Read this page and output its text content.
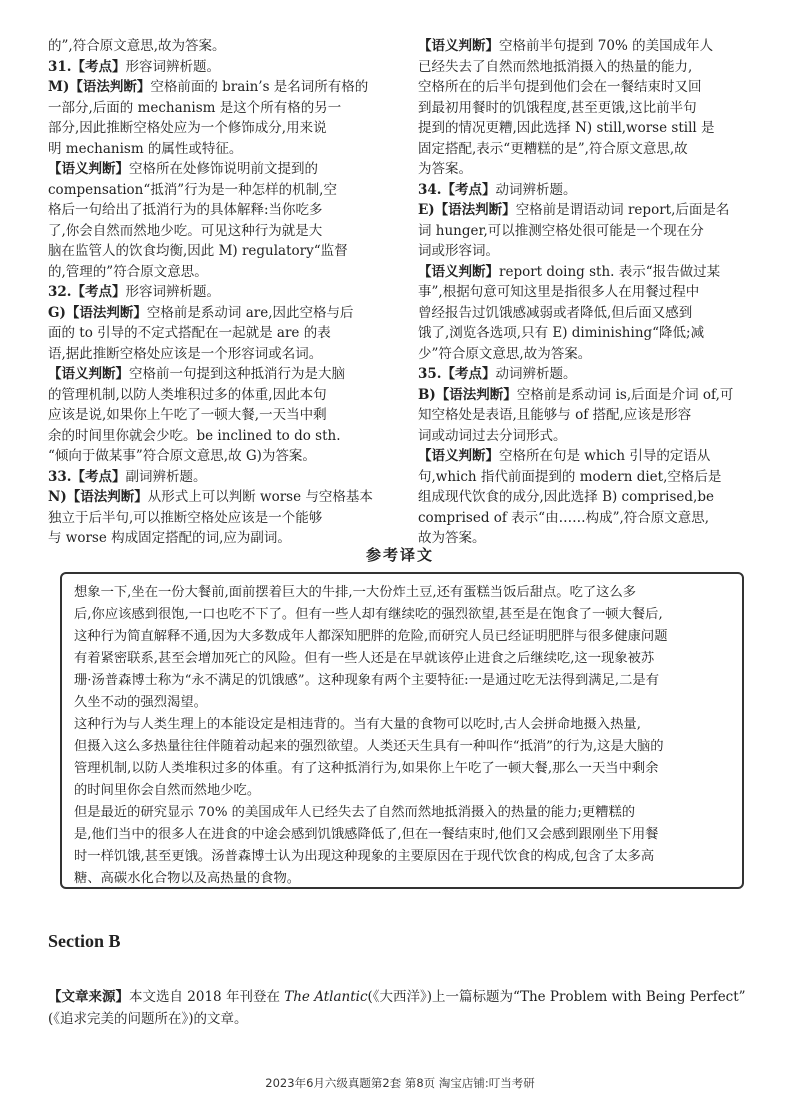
的”,符合原文意思,故为答案。

31.【考点】形容词辨析题。

M)【语法判断】空格前面的 brain’s 是名词所有格的

一部分,后面的 mechanism 是这个所有格的另一

部分,因此推断空格处应为一个修饰成分,用来说

明 mechanism 的属性或特征。

【语义判断】空格所在处修饰说明前文提到的

compensation“抵消”行为是一种怎样的机制,空

格后一句给出了抵消行为的具体解释:当你吃多

了,你会自然而然地少吃。可见这种行为就是大

脑在监管人的饮食均衡,因此 M) regulatory“监督

的,管理的”符合原文意思。

32.【考点】形容词辨析题。

G)【语法判断】空格前是系动词 are,因此空格与后

面的 to 引导的不定式搭配在一起就是 are 的表

语,据此推断空格处应该是一个形容词或名词。

【语义判断】空格前一句提到这种抵消行为是大脑

的管理机制,以防人类堆积过多的体重,因此本句

应该是说,如果你上午吃了一顿大餐,一天当中剩

余的时间里你就会少吃。be inclined to do sth.

“倾向于做某事”符合原文意思,故 G)为答案。

33.【考点】副词辨析题。

N)【语法判断】从形式上可以判断 worse 与空格基本

独立于后半句,可以推断空格处应该是一个能够

与 worse 构成固定搭配的词,应为副词。

【语义判断】空格前半句提到 70% 的美国成年人

已经失去了自然而然地抵消摄入的热量的能力,

空格所在的后半句提到他们会在一餐结束时又回

到最初用餐时的饥饿程度,甚至更饿,这比前半句

提到的情况更糟,因此选择 N) still,worse still 是

固定搭配,表示“更糟糕的是”,符合原文意思,故

为答案。

34.【考点】动词辨析题。

E)【语法判断】空格前是谓语动词 report,后面是名

词 hunger,可以推测空格处很可能是一个现在分

词或形容词。

【语义判断】report doing sth. 表示“报告做过某

事”,根据句意可知这里是指很多人在用餐过程中

曾经报告过饥饿感减弱或者降低,但后面又感到

饿了,浏览各选项,只有 E) diminishing“降低;减

少”符合原文意思,故为答案。

35.【考点】动词辨析题。

B)【语法判断】空格前是系动词 is,后面是介词 of,可

知空格处是表语,且能够与 of 搭配,应该是形容

词或动词过去分词形式。

【语义判断】空格所在句是 which 引导的定语从

句,which 指代前面提到的 modern diet,空格后是

组成现代饮食的成分,因此选择 B) comprised,be

comprised of 表示“由……构成”,符合原文意思,

故为答案。

参考译文

想象一下,坐在一份大餐前,面前摆着巨大的牛排,一大份炸土豆,还有蛋糕当饭后甜点。吃了这么多

后,你应该感到很饱,一口也吃不下了。但有一些人却有继续吃的强烈欲望,甚至是在饱食了一顿大餐后,

这种行为简直解释不通,因为大多数成年人都深知肥胖的危险,而研究人员已经证明肥胖与很多健康问题

有着紧密联系,甚至会增加死亡的风险。但有一些人还是在早就该停止进食之后继续吃,这一现象被苏

珊·汤普森博士称为“永不满足的饥饿感”。这种现象有两个主要特征:一是通过吃无法得到满足,二是有

久坐不动的强烈渴望。

这种行为与人类生理上的本能设定是相违背的。当有大量的食物可以吃时,古人会拼命地摄入热量,

但摄入这么多热量往往伴随着动起来的强烈欲望。人类还天生具有一种叫作“抵消”的行为,这是大脑的

管理机制,以防人类堆积过多的体重。有了这种抵消行为,如果你上午吃了一顿大餐,那么一天当中剩余

的时间里你会自然而然地少吃。

但是最近的研究显示 70% 的美国成年人已经失去了自然而然地抵消摄入的热量的能力;更糟糕的

是,他们当中的很多人在进食的中途会感到饥饿感降低了,但在一餐结束时,他们又会感到跟刚坐下用餐

时一样饥饿,甚至更饿。汤普森博士认为出现这种现象的主要原因在于现代饮食的构成,包含了太多高

糖、高碳水化合物以及高热量的食物。

Section B

【文章来源】本文选自 2018 年刊登在 The Atlantic(《大西洋》)上一篇标题为“The Problem with Being Perfect”

(《追求完美的问题所在》)的文章。

2023年6月六级真题第2套 第8页 淘宝店铺:叮当考研
